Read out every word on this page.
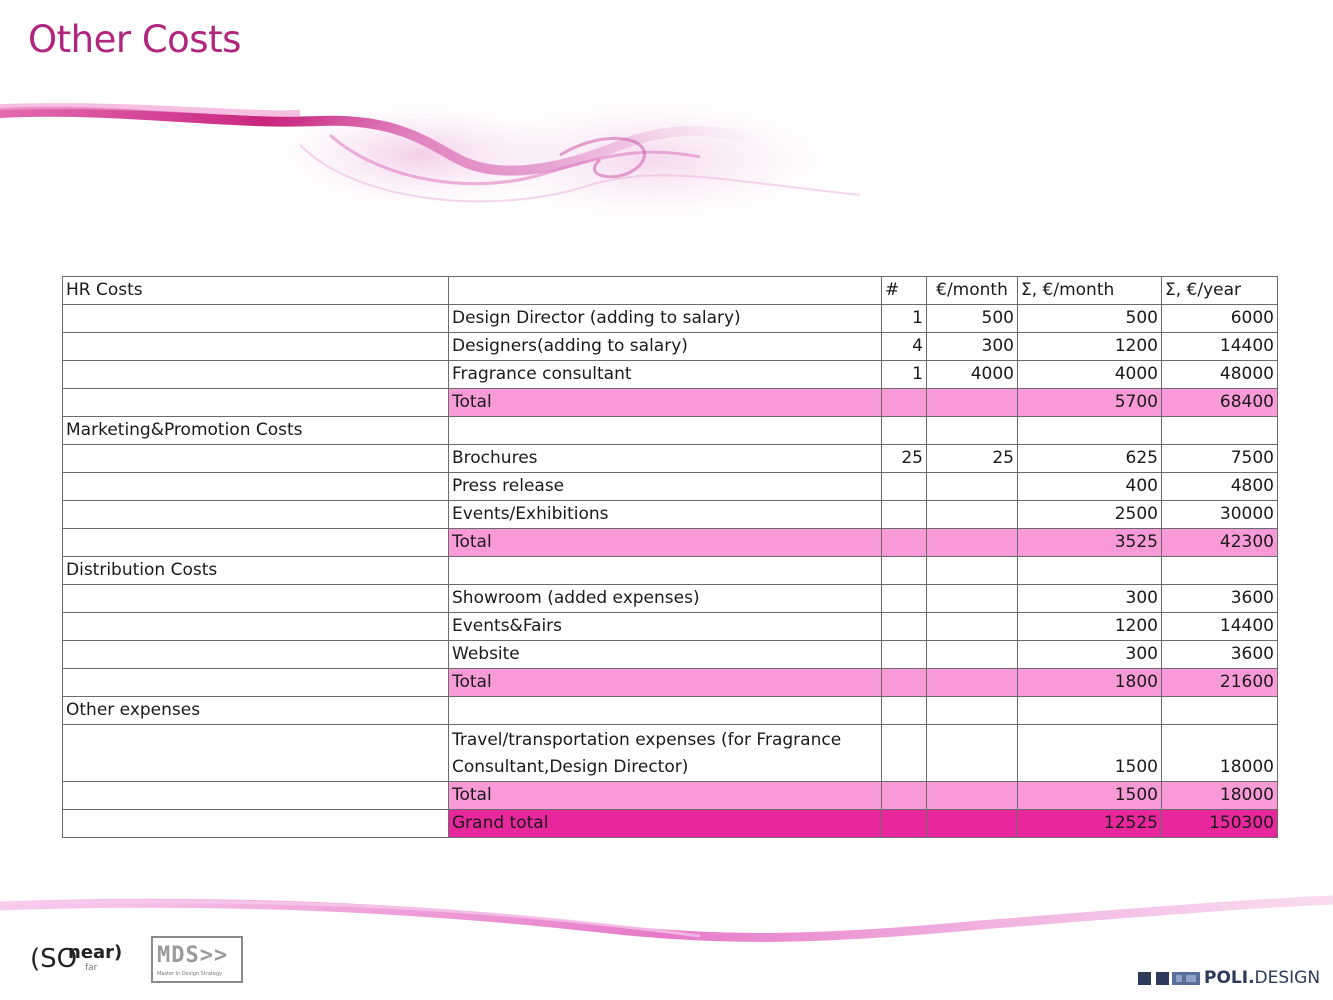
Other Costs
HR Costs		#	€/month	Σ, €/month	Σ, €/year
	Design Director (adding to salary)	1	500	500	6000
	Designers(adding to salary)	4	300	1200	14400
	Fragrance consultant	1	4000	4000	48000
	Total			5700	68400
Marketing&Promotion Costs					
	Brochures	25	25	625	7500
	Press release			400	4800
	Events/Exhibitions			2500	30000
	Total			3525	42300
Distribution Costs					
	Showroom (added expenses)			300	3600
	Events&Fairs			1200	14400
	Website			300	3600
	Total			1800	21600
Other expenses					
	Travel/transportation expenses (for Fragrance Consultant,Design Director)			1500	18000
	Total			1500	18000
	Grand total			12525	150300
(SO
near)
far	MDS>>
Master in Design Strategy	POLI.DESIGN
